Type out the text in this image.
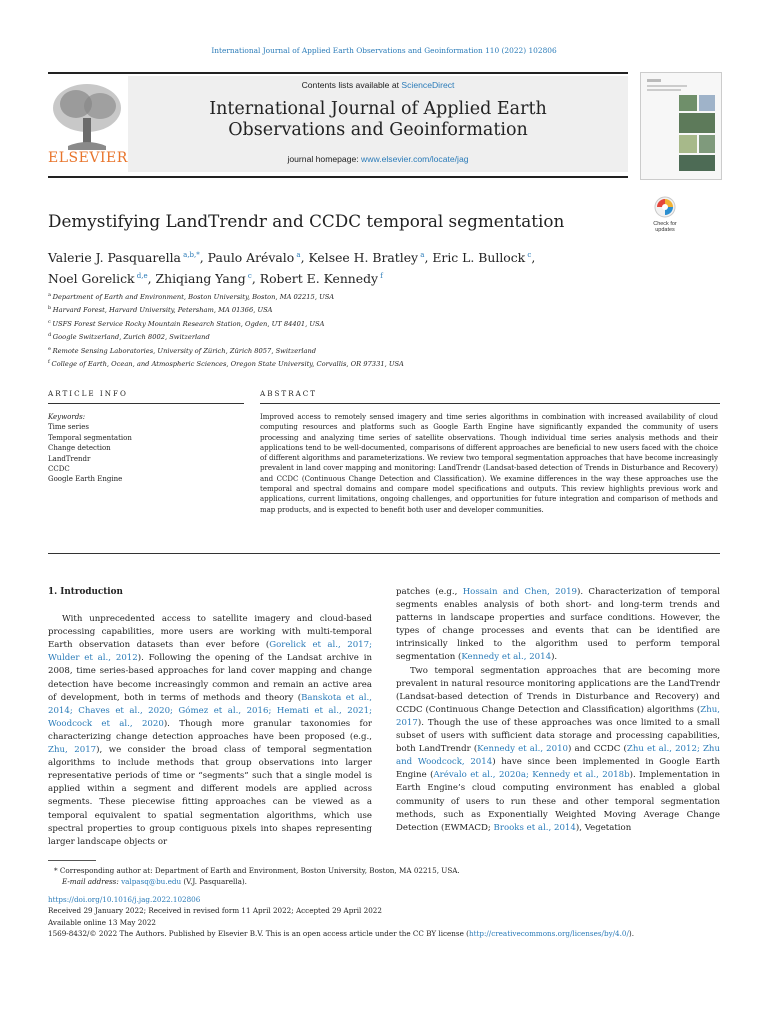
International Journal of Applied Earth Observations and Geoinformation 110 (2022) 102806
ELSEVIER
Contents lists available at ScienceDirect
International Journal of Applied Earth
Observations and Geoinformation
journal homepage: www.elsevier.com/locate/jag
Demystifying LandTrendr and CCDC temporal segmentation	Check for
updates
Valerie J. Pasquarella $^{a,b,*}$, Paulo Arévalo $^a$, Kelsee H. Bratley $^a$, Eric L. Bullock $^c$,
Noel Gorelick $^{d,e}$, Zhiqiang Yang $^c$, Robert E. Kennedy $^f$
$^a$ Department of Earth and Environment, Boston University, Boston, MA 02215, USA
$^b$ Harvard Forest, Harvard University, Petersham, MA 01366, USA
$^c$ USFS Forest Service Rocky Mountain Research Station, Ogden, UT 84401, USA
$^d$ Google Switzerland, Zurich 8002, Switzerland
$^e$ Remote Sensing Laboratories, University of Zürich, Zürich 8057, Switzerland
$^f$ College of Earth, Ocean, and Atmospheric Sciences, Oregon State University, Corvallis, OR 97331, USA
ARTICLE INFO	ABSTRACT
Keywords:
Time series
Temporal segmentation
Change detection
LandTrendr
CCDC
Google Earth Engine
Improved access to remotely sensed imagery and time series algorithms in combination with increased availability of cloud computing resources and platforms such as Google Earth Engine have significantly expanded the community of users processing and analyzing time series of satellite observations. Though individual time series analysis methods and their applications tend to be well-documented, comparisons of different approaches are beneficial to new users faced with the choice of different algorithms and parameterizations. We review two temporal segmentation approaches that have become increasingly prevalent in land cover mapping and monitoring: LandTrendr (Landsat-based detection of Trends in Disturbance and Recovery) and CCDC (Continuous Change Detection and Classification). We examine differences in the way these approaches use the temporal and spectral domains and compare model specifications and outputs. This review highlights previous work and applications, current limitations, ongoing challenges, and opportunities for future integration and comparison of methods and map products, and is expected to benefit both user and developer communities.

1. Introduction

With unprecedented access to satellite imagery and cloud-based processing capabilities, more users are working with multi-temporal Earth observation datasets than ever before (Gorelick et al., 2017; Wulder et al., 2012). Following the opening of the Landsat archive in 2008, time series-based approaches for land cover mapping and change detection have become increasingly common and remain an active area of development, both in terms of methods and theory (Banskota et al., 2014; Chaves et al., 2020; Gómez et al., 2016; Hemati et al., 2021; Woodcock et al., 2020). Though more granular taxonomies for characterizing change detection approaches have been proposed (e.g., Zhu, 2017), we consider the broad class of temporal segmentation algorithms to include methods that group observations into larger representative periods of time or “segments” such that a single model is applied within a segment and different models are applied across segments. These piecewise fitting approaches can be viewed as a temporal equivalent to spatial segmentation algorithms, which use spectral properties to group contiguous pixels into shapes representing larger landscape objects or

patches (e.g., Hossain and Chen, 2019). Characterization of temporal segments enables analysis of both short- and long-term trends and patterns in landscape properties and surface conditions. However, the types of change processes and events that can be identified are intrinsically linked to the algorithm used to perform temporal segmentation (Kennedy et al., 2014).

Two temporal segmentation approaches that are becoming more prevalent in natural resource monitoring applications are the LandTrendr (Landsat-based detection of Trends in Disturbance and Recovery) and CCDC (Continuous Change Detection and Classification) algorithms (Zhu, 2017). Though the use of these approaches was once limited to a small subset of users with sufficient data storage and processing capabilities, both LandTrendr (Kennedy et al., 2010) and CCDC (Zhu et al., 2012; Zhu and Woodcock, 2014) have since been implemented in Google Earth Engine (Arévalo et al., 2020a; Kennedy et al., 2018b). Implementation in Earth Engine’s cloud computing environment has enabled a global community of users to run these and other temporal segmentation methods, such as Exponentially Weighted Moving Average Change Detection (EWMACD; Brooks et al., 2014), Vegetation

* Corresponding author at: Department of Earth and Environment, Boston University, Boston, MA 02215, USA.
E-mail address: valpasq@bu.edu (V.J. Pasquarella).
https://doi.org/10.1016/j.jag.2022.102806
Received 29 January 2022; Received in revised form 11 April 2022; Accepted 29 April 2022
Available online 13 May 2022
1569-8432/© 2022 The Authors. Published by Elsevier B.V. This is an open access article under the CC BY license (http://creativecommons.org/licenses/by/4.0/).
